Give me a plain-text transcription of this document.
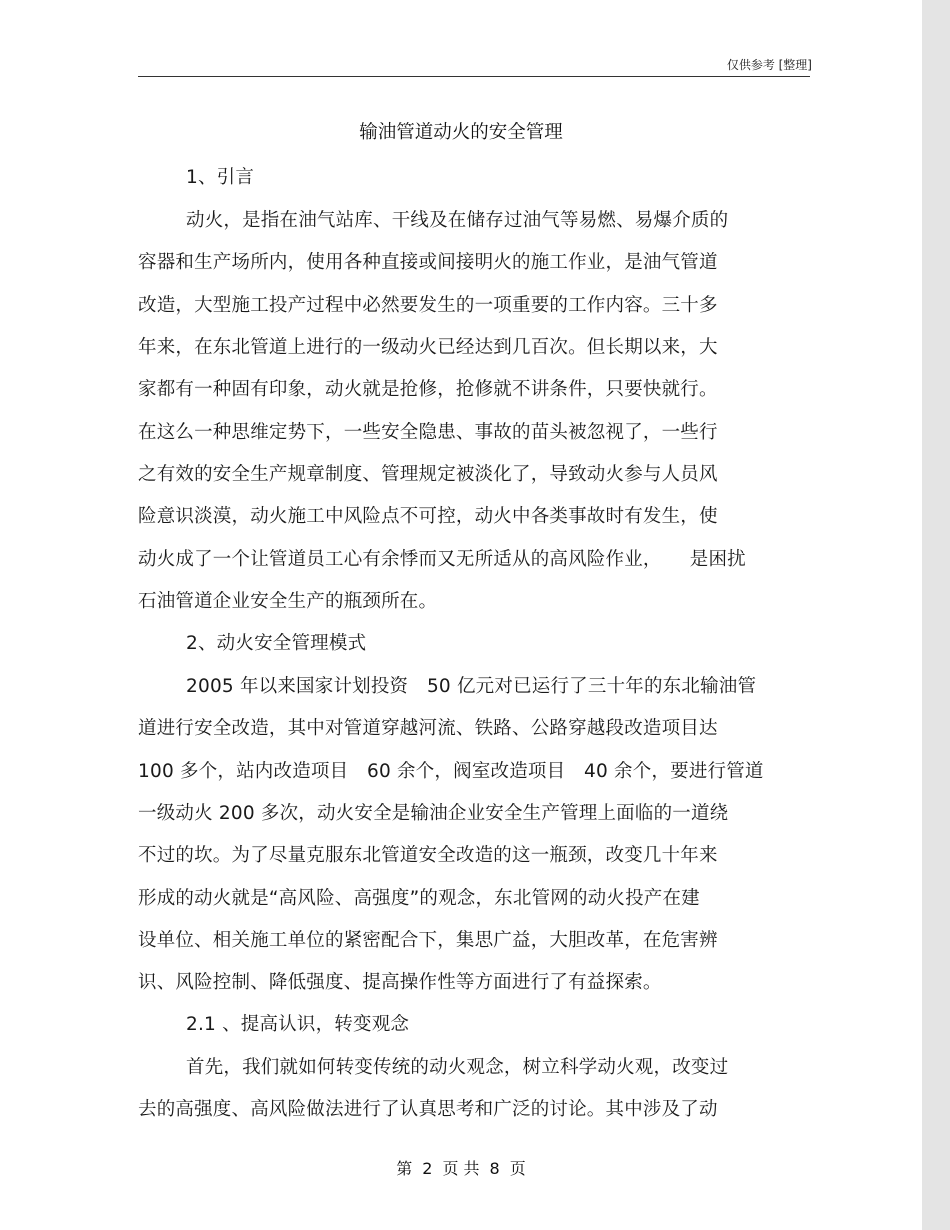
仅供参考 [整理]
输油管道动火的安全管理
1、引言
动火，是指在油气站库、干线及在储存过油气等易燃、易爆介质的
容器和生产场所内，使用各种直接或间接明火的施工作业，是油气管道
改造，大型施工投产过程中必然要发生的一项重要的工作内容。三十多
年来，在东北管道上进行的一级动火已经达到几百次。但长期以来，大
家都有一种固有印象，动火就是抢修，抢修就不讲条件，只要快就行。
在这么一种思维定势下，一些安全隐患、事故的苗头被忽视了，一些行
之有效的安全生产规章制度、管理规定被淡化了，导致动火参与人员风
险意识淡漠，动火施工中风险点不可控，动火中各类事故时有发生，使
动火成了一个让管道员工心有余悸而又无所适从的高风险作业，　　是困扰
石油管道企业安全生产的瓶颈所在。
2、动火安全管理模式
2005 年以来国家计划投资　50 亿元对已运行了三十年的东北输油管
道进行安全改造，其中对管道穿越河流、铁路、公路穿越段改造项目达
100 多个，站内改造项目　60 余个，阀室改造项目　40 余个，要进行管道
一级动火 200 多次，动火安全是输油企业安全生产管理上面临的一道绕
不过的坎。为了尽量克服东北管道安全改造的这一瓶颈，改变几十年来
形成的动火就是“高风险、高强度”的观念，东北管网的动火投产在建
设单位、相关施工单位的紧密配合下，集思广益，大胆改革，在危害辨
识、风险控制、降低强度、提高操作性等方面进行了有益探索。
2.1 、提高认识，转变观念
首先，我们就如何转变传统的动火观念，树立科学动火观，改变过
去的高强度、高风险做法进行了认真思考和广泛的讨论。其中涉及了动
第 2 页 共 8 页
